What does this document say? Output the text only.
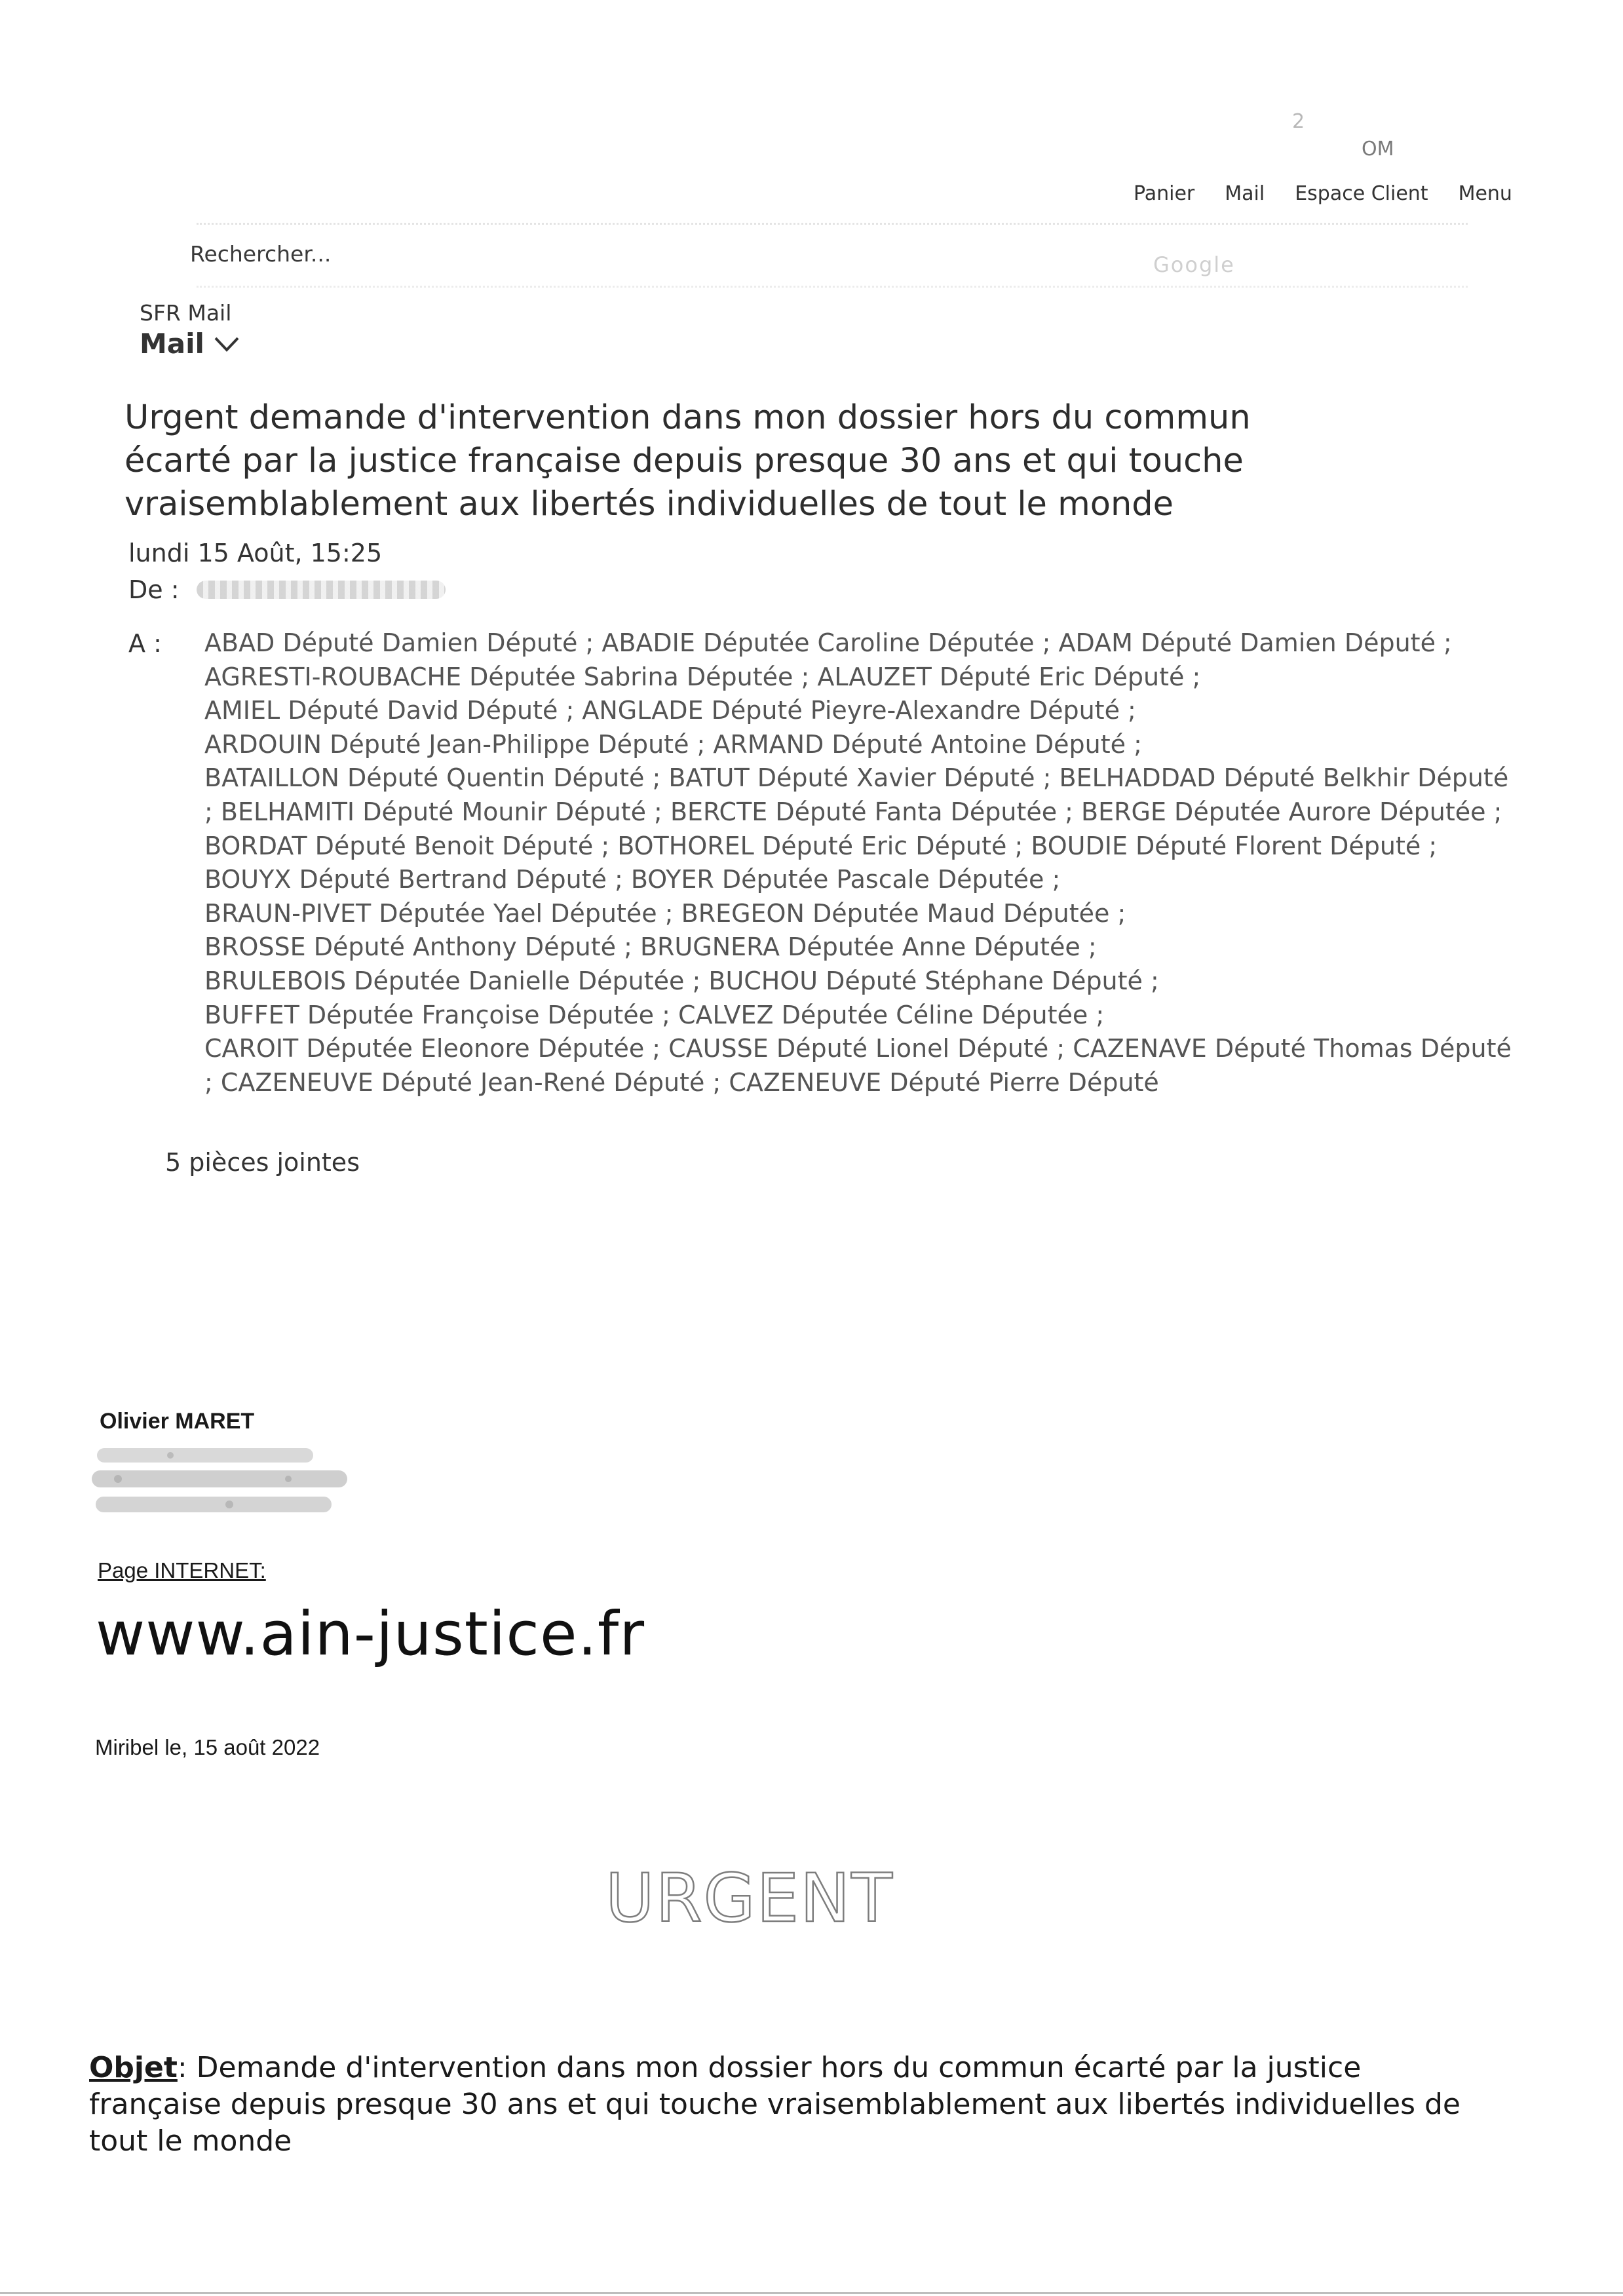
2
OM
Panier Mail Espace Client Menu
Rechercher...	Google
SFR Mail
Mail
Urgent demande d'intervention dans mon dossier hors du commun écarté par la justice française depuis presque 30 ans et qui touche vraisemblablement aux libertés individuelles de tout le monde
lundi 15 Août, 15:25
De :
A : ABAD Député Damien Député ; ABADIE Députée Caroline Députée ; ADAM Député Damien Député ;
AGRESTI-ROUBACHE Députée Sabrina Députée ; ALAUZET Député Eric Député ;
AMIEL Député David Député ; ANGLADE Député Pieyre-Alexandre Député ;
ARDOUIN Député Jean-Philippe Député ; ARMAND Député Antoine Député ;
BATAILLON Député Quentin Député ; BATUT Député Xavier Député ; BELHADDAD Député Belkhir Député
; BELHAMITI Député Mounir Député ; BERCTE Député Fanta Députée ; BERGE Députée Aurore Députée ;
BORDAT Député Benoit Député ; BOTHOREL Député Eric Député ; BOUDIE Député Florent Député ;
BOUYX Député Bertrand Député ; BOYER Députée Pascale Députée ;
BRAUN-PIVET Députée Yael Députée ; BREGEON Députée Maud Députée ;
BROSSE Député Anthony Député ; BRUGNERA Députée Anne Députée ;
BRULEBOIS Députée Danielle Députée ; BUCHOU Député Stéphane Député ;
BUFFET Députée Françoise Députée ; CALVEZ Députée Céline Députée ;
CAROIT Députée Eleonore Députée ; CAUSSE Député Lionel Député ; CAZENAVE Député Thomas Député
; CAZENEUVE Député Jean-René Député ; CAZENEUVE Député Pierre Député
5 pièces jointes
Olivier MARET
Page INTERNET:
www.ain-justice.fr
Miribel le, 15 août 2022
URGENT
Objet: Demande d'intervention dans mon dossier hors du commun écarté par la justice française depuis presque 30 ans et qui touche vraisemblablement aux libertés individuelles de tout le monde
